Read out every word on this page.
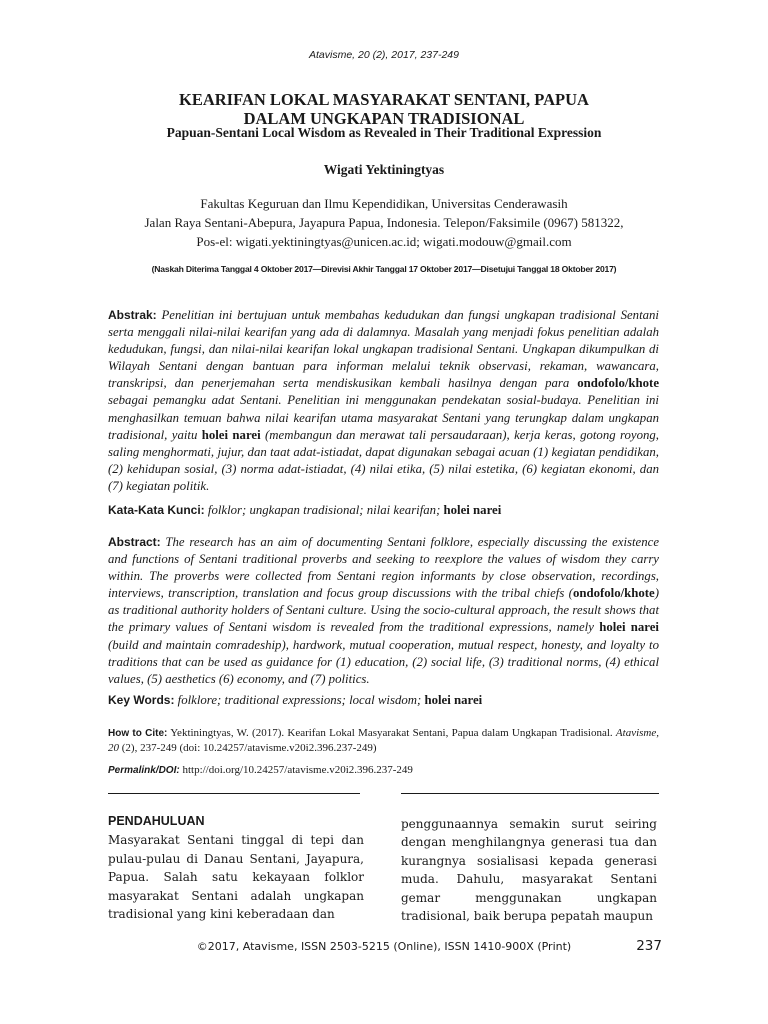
Atavisme, 20 (2), 2017, 237-249
KEARIFAN LOKAL MASYARAKAT SENTANI, PAPUA
DALAM UNGKAPAN TRADISIONAL
Papuan-Sentani Local Wisdom as Revealed in Their Traditional Expression
Wigati Yektiningtyas
Fakultas Keguruan dan Ilmu Kependidikan, Universitas Cenderawasih
Jalan Raya Sentani-Abepura, Jayapura Papua, Indonesia. Telepon/Faksimile (0967) 581322,
Pos-el: wigati.yektiningtyas@unicen.ac.id; wigati.modouw@gmail.com
(Naskah Diterima Tanggal 4 Oktober 2017—Direvisi Akhir Tanggal 17 Oktober 2017—Disetujui Tanggal 18 Oktober 2017)
Abstrak: Penelitian ini bertujuan untuk membahas kedudukan dan fungsi ungkapan tradisional Sentani serta menggali nilai-nilai kearifan yang ada di dalamnya. Masalah yang menjadi fokus penelitian adalah kedudukan, fungsi, dan nilai-nilai kearifan lokal ungkapan tradisional Sentani. Ungkapan dikumpulkan di Wilayah Sentani dengan bantuan para informan melalui teknik observasi, rekaman, wawancara, transkripsi, dan penerjemahan serta mendiskusikan kembali hasilnya dengan para ondofolo/khote sebagai pemangku adat Sentani. Penelitian ini menggunakan pendekatan sosial-budaya. Penelitian ini menghasilkan temuan bahwa nilai kearifan utama masyarakat Sentani yang terungkap dalam ungkapan tradisional, yaitu holei narei (membangun dan merawat tali persaudaraan), kerja keras, gotong royong, saling menghormati, jujur, dan taat adat-istiadat, dapat digunakan sebagai acuan (1) kegiatan pendidikan, (2) kehidupan sosial, (3) norma adat-istiadat, (4) nilai etika, (5) nilai estetika, (6) kegiatan ekonomi, dan (7) kegiatan politik.
Kata-Kata Kunci: folklor; ungkapan tradisional; nilai kearifan; holei narei
Abstract: The research has an aim of documenting Sentani folklore, especially discussing the existence and functions of Sentani traditional proverbs and seeking to reexplore the values of wisdom they carry within. The proverbs were collected from Sentani region informants by close observation, recordings, interviews, transcription, translation and focus group discussions with the tribal chiefs (ondofolo/khote) as traditional authority holders of Sentani culture. Using the socio-cultural approach, the result shows that the primary values of Sentani wisdom is revealed from the traditional expressions, namely holei narei (build and maintain comradeship), hardwork, mutual cooperation, mutual respect, honesty, and loyalty to traditions that can be used as guidance for (1) education, (2) social life, (3) traditional norms, (4) ethical values, (5) aesthetics (6) economy, and (7) politics.
Key Words: folklore; traditional expressions; local wisdom; holei narei
How to Cite: Yektiningtyas, W. (2017). Kearifan Lokal Masyarakat Sentani, Papua dalam Ungkapan Tradisional. Atavisme, 20 (2), 237-249 (doi: 10.24257/atavisme.v20i2.396.237-249)
Permalink/DOI: http://doi.org/10.24257/atavisme.v20i2.396.237-249
PENDAHULUAN
Masyarakat Sentani tinggal di tepi dan pulau-pulau di Danau Sentani, Jayapura, Papua. Salah satu kekayaan folklor masyarakat Sentani adalah ungkapan tradisional yang kini keberadaan dan
penggunaannya semakin surut seiring dengan menghilangnya generasi tua dan kurangnya sosialisasi kepada generasi muda. Dahulu, masyarakat Sentani gemar menggunakan ungkapan tradisional, baik berupa pepatah maupun
©2017, Atavisme, ISSN 2503-5215 (Online), ISSN 1410-900X (Print)	237
